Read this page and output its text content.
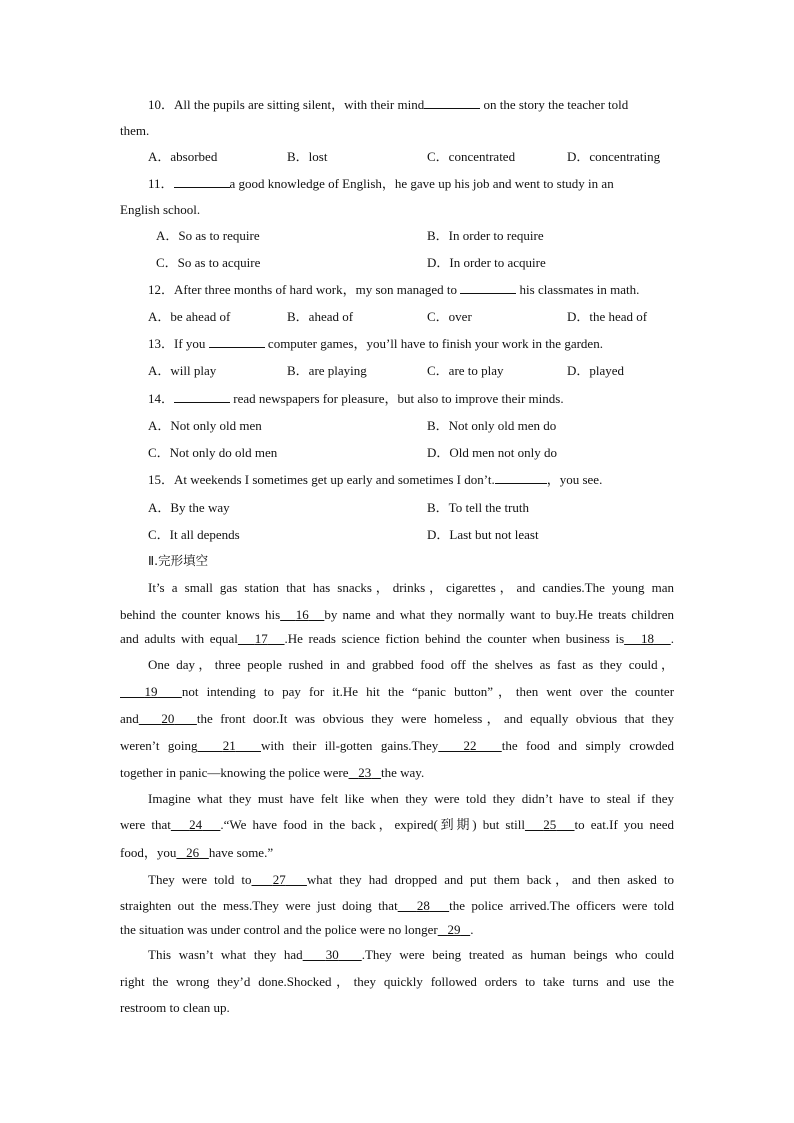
10．All the pupils are sitting silent，with their mind	on the story the teacher told
them.
A．absorbed	B．lost	C．concentrated	D．concentrating
11．	a good knowledge of English，he gave up his job and went to study in an
English school.
A．So as to require	B．In order to require
C．So as to acquire	D．In order to acquire
12．After three months of hard work，my son managed to	his classmates in math.
A．be ahead of	B．ahead of	C．over	D．the head of
13．If you	computer games，you’ll have to finish your work in the garden.
A．will play	B．are playing	C．are to play	D．played
14．	read newspapers for pleasure，but also to improve their minds.
A．Not only old men	B．Not only old men do
C．Not only do old men	D．Old men not only do
15．At weekends I sometimes get up early and sometimes I don’t.	，you see.
A．By the way	B．To tell the truth
C．It all depends	D．Last but not least
Ⅱ.完形填空
It’s a small gas station that has snacks，drinks，cigarettes，and candies.The young man
behind the counter knows his 16 by name and what they normally want to buy.He treats children
and adults with equal 17 .He reads science fiction behind the counter when business is 18 .
One day，three people rushed in and grabbed food off the shelves as fast as they could，
19 not intending to pay for it.He hit the “panic button”，then went over the counter
and 20 the front door.It was obvious they were homeless，and equally obvious that they
weren’t going 21 with their ill-gotten gains.They 22 the food and simply crowded
together in panic—knowing the police were 23 the way.
Imagine what they must have felt like when they were told they didn’t have to steal if they
were that 24 .“We have food in the back，expired(到期) but still 25 to eat.If you need
food，you 26 have some.”
They were told to 27 what they had dropped and put them back，and then asked to
straighten out the mess.They were just doing that 28 the police arrived.The officers were told
the situation was under control and the police were no longer 29 .
This wasn’t what they had 30 .They were being treated as human beings who could
right the wrong they’d done.Shocked，they quickly followed orders to take turns and use the
restroom to clean up.
